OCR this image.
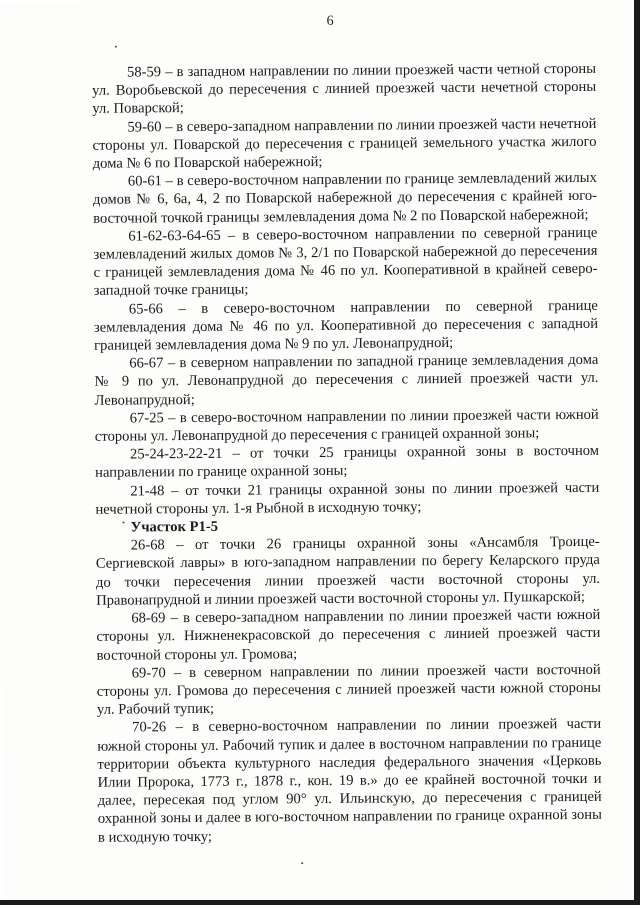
6

58-59 – в западном направлении по линии проезжей части четной стороны ул. Воробьевской до пересечения с линией проезжей части нечетной стороны ул. Поварской;

59-60 – в северо-западном направлении по линии проезжей части нечетной стороны ул. Поварской до пересечения с границей земельного участка жилого дома № 6 по Поварской набережной;

60-61 – в северо-восточном направлении по границе землевладений жилых домов № 6, 6а, 4, 2 по Поварской набережной до пересечения с крайней юго-восточной точкой границы землевладения дома № 2 по Поварской набережной;

61-62-63-64-65 – в северо-восточном направлении по северной границе землевладений жилых домов № 3, 2/1 по Поварской набережной до пересечения с границей землевладения дома № 46 по ул. Кооперативной в крайней северо-западной точке границы;

65-66 – в северо-восточном направлении по северной границе землевладения дома № 46 по ул. Кооперативной до пересечения с западной границей землевладения дома № 9 по ул. Левонапрудной;

66-67 – в северном направлении по западной границе землевладения дома № 9 по ул. Левонапрудной до пересечения с линией проезжей части ул. Левонапрудной;

67-25 – в северо-восточном направлении по линии проезжей части южной стороны ул. Левонапрудной до пересечения с границей охранной зоны;

25-24-23-22-21 – от точки 25 границы охранной зоны в восточном направлении по границе охранной зоны;

21-48 – от точки 21 границы охранной зоны по линии проезжей части нечетной стороны ул. 1-я Рыбной в исходную точку;

Участок Р1-5

26-68 – от точки 26 границы охранной зоны «Ансамбля Троице-Сергиевской лавры» в юго-западном направлении по берегу Келарского пруда до точки пересечения линии проезжей части восточной стороны ул. Правонапрудной и линии проезжей части восточной стороны ул. Пушкарской;

68-69 – в северо-западном направлении по линии проезжей части южной стороны ул. Нижненекрасовской до пересечения с линией проезжей части восточной стороны ул. Громова;

69-70 – в северном направлении по линии проезжей части восточной стороны ул. Громова до пересечения с линией проезжей части южной стороны ул. Рабочий тупик;

70-26 – в северно-восточном направлении по линии проезжей части южной стороны ул. Рабочий тупик и далее в восточном направлении по границе территории объекта культурного наследия федерального значения «Церковь Илии Пророка, 1773 г., 1878 г., кон. 19 в.» до ее крайней восточной точки и далее, пересекая под углом 90° ул. Ильинскую, до пересечения с границей охранной зоны и далее в юго-восточном направлении по границе охранной зоны в исходную точку;
